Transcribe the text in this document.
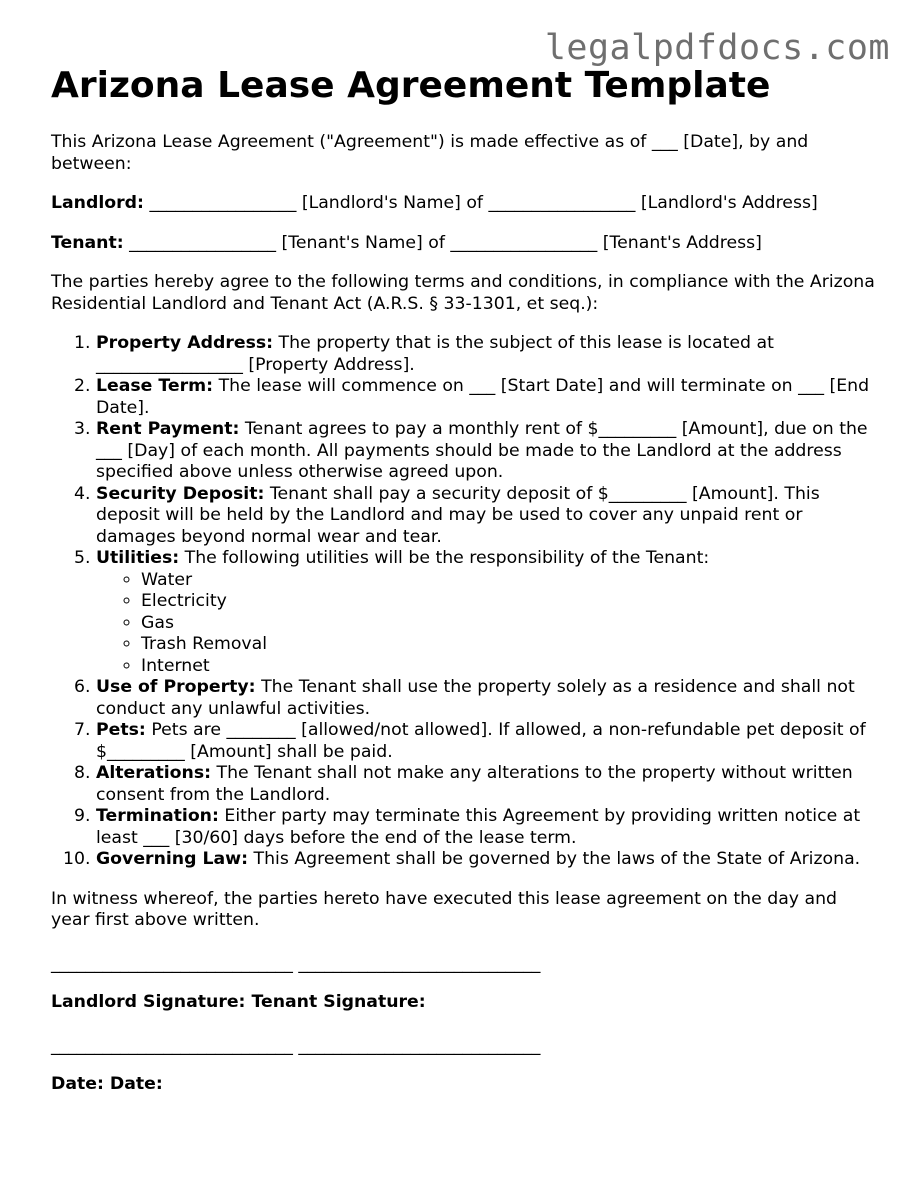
legalpdfdocs.com
Arizona Lease Agreement Template

This Arizona Lease Agreement ("Agreement") is made effective as of ___ [Date], by and between:

Landlord: _________________ [Landlord's Name] of _________________ [Landlord's Address]

Tenant: _________________ [Tenant's Name] of _________________ [Tenant's Address]

The parties hereby agree to the following terms and conditions, in compliance with the Arizona Residential Landlord and Tenant Act (A.R.S. § 33-1301, et seq.):

1. Property Address: The property that is the subject of this lease is located at _________________ [Property Address].
2. Lease Term: The lease will commence on ___ [Start Date] and will terminate on ___ [End Date].
3. Rent Payment: Tenant agrees to pay a monthly rent of $_________ [Amount], due on the ___ [Day] of each month. All payments should be made to the Landlord at the address specified above unless otherwise agreed upon.
4. Security Deposit: Tenant shall pay a security deposit of $_________ [Amount]. This deposit will be held by the Landlord and may be used to cover any unpaid rent or damages beyond normal wear and tear.
5. Utilities: The following utilities will be the responsibility of the Tenant:
◦ Water
◦ Electricity
◦ Gas
◦ Trash Removal
◦ Internet
6. Use of Property: The Tenant shall use the property solely as a residence and shall not conduct any unlawful activities.
7. Pets: Pets are ________ [allowed/not allowed]. If allowed, a non-refundable pet deposit of $_________ [Amount] shall be paid.
8. Alterations: The Tenant shall not make any alterations to the property without written consent from the Landlord.
9. Termination: Either party may terminate this Agreement by providing written notice at least ___ [30/60] days before the end of the lease term.
10. Governing Law: This Agreement shall be governed by the laws of the State of Arizona.

In witness whereof, the parties hereto have executed this lease agreement on the day and year first above written.

____________________________ ____________________________

Landlord Signature: Tenant Signature:

____________________________ ____________________________

Date: Date:
